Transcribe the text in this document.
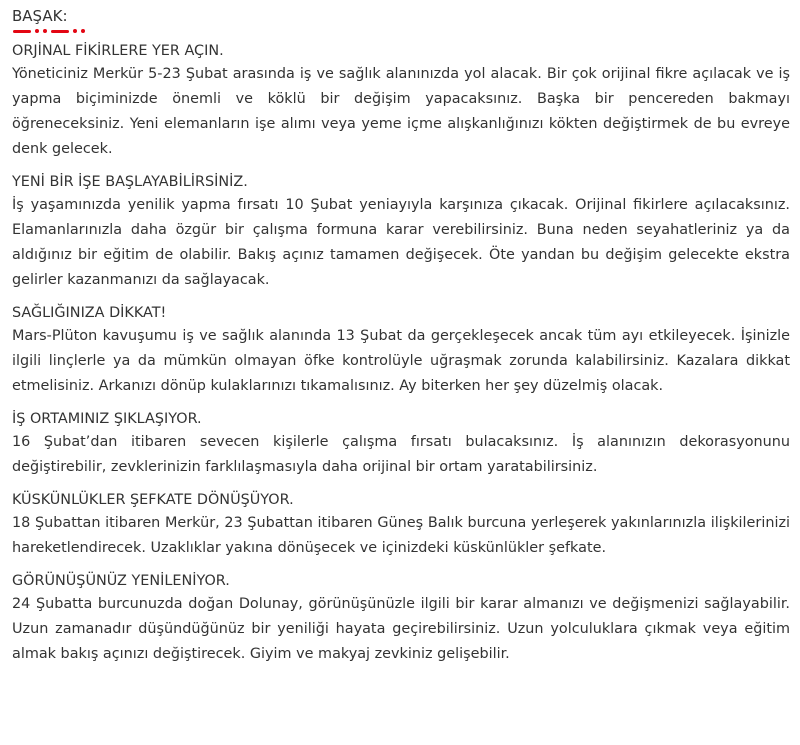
BAŞAK:
ORJİNAL FİKİRLERE YER AÇIN.

Yöneticiniz Merkür 5-23 Şubat arasında iş ve sağlık alanınızda yol alacak. Bir çok orijinal fikre açılacak ve iş yapma biçiminizde önemli ve köklü bir değişim yapacaksınız. Başka bir pencereden bakmayı öğreneceksiniz. Yeni elemanların işe alımı veya yeme içme alışkanlığınızı kökten değiştirmek de bu evreye denk gelecek.

YENİ BİR İŞE BAŞLAYABİLİRSİNİZ.

İş yaşamınızda yenilik yapma fırsatı 10 Şubat yeniayıyla karşınıza çıkacak. Orijinal fikirlere açılacaksınız. Elamanlarınızla daha özgür bir çalışma formuna karar verebilirsiniz. Buna neden seyahatleriniz ya da aldığınız bir eğitim de olabilir. Bakış açınız tamamen değişecek. Öte yandan bu değişim gelecekte ekstra gelirler kazanmanızı da sağlayacak.

SAĞLIĞINIZA DİKKAT!

Mars-Plüton kavuşumu iş ve sağlık alanında 13 Şubat da gerçekleşecek ancak tüm ayı etkileyecek. İşinizle ilgili linçlerle ya da mümkün olmayan öfke kontrolüyle uğraşmak zorunda kalabilirsiniz. Kazalara dikkat etmelisiniz. Arkanızı dönüp kulaklarınızı tıkamalısınız. Ay biterken her şey düzelmiş olacak.

İŞ ORTAMINIZ ŞIKLAŞIYOR.

16 Şubat’dan itibaren sevecen kişilerle çalışma fırsatı bulacaksınız. İş alanınızın dekorasyonunu değiştirebilir, zevklerinizin farklılaşmasıyla daha orijinal bir ortam yaratabilirsiniz.

KÜSKÜNLÜKLER ŞEFKATE DÖNÜŞÜYOR.

18 Şubattan itibaren Merkür, 23 Şubattan itibaren Güneş Balık burcuna yerleşerek yakınlarınızla ilişkilerinizi hareketlendirecek. Uzaklıklar yakına dönüşecek ve içinizdeki küskünlükler şefkate.

GÖRÜNÜŞÜNÜZ YENİLENİYOR.

24 Şubatta burcunuzda doğan Dolunay, görünüşünüzle ilgili bir karar almanızı ve değişmenizi sağlayabilir. Uzun zamanadır düşündüğünüz bir yeniliği hayata geçirebilirsiniz. Uzun yolculuklara çıkmak veya eğitim almak bakış açınızı değiştirecek. Giyim ve makyaj zevkiniz gelişebilir.
